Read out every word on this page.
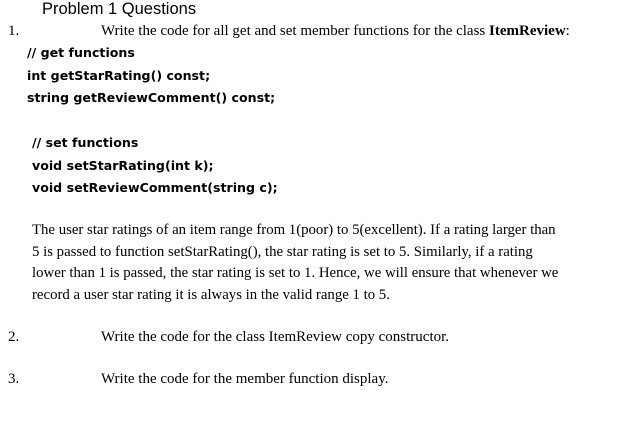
Problem 1 Questions
1.	Write the code for all get and set member functions for the class ItemReview:
// get functions
int getStarRating() const;
string getReviewComment() const;
// set functions
void setStarRating(int k);
void setReviewComment(string c);
The user star ratings of an item range from 1(poor) to 5(excellent). If a rating larger than
5 is passed to function setStarRating(), the star rating is set to 5. Similarly, if a rating
lower than 1 is passed, the star rating is set to 1. Hence, we will ensure that whenever we
record a user star rating it is always in the valid range 1 to 5.
2.	Write the code for the class ItemReview copy constructor.
3.	Write the code for the member function display.
